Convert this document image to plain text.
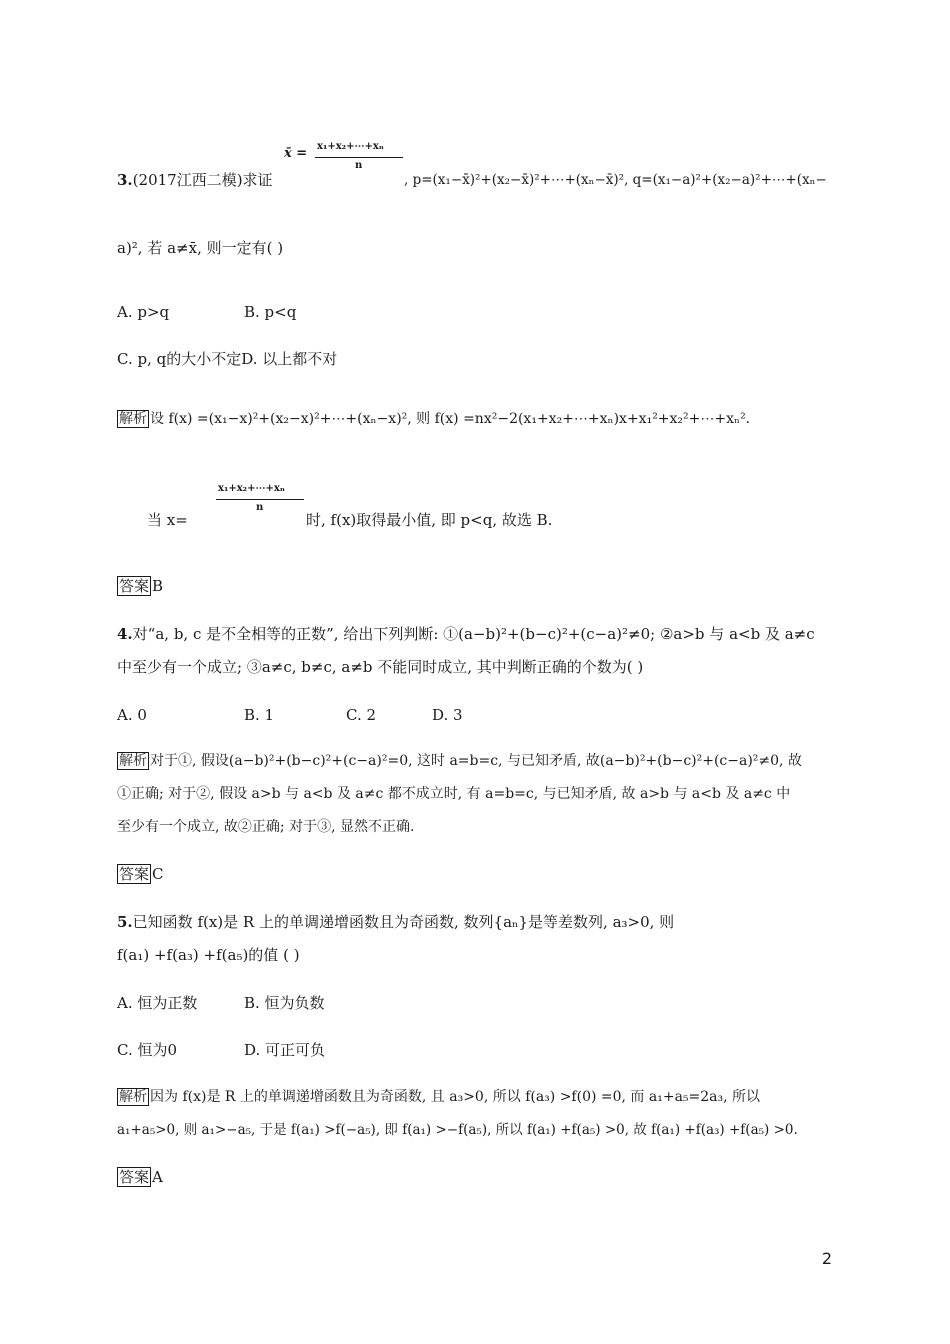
x̄ = x₁+x₂+⋯+xₙ
n
3.(2017江西二模)求证	, p=(x₁−x̄)²+(x₂−x̄)²+⋯+(xₙ−x̄)², q=(x₁−a)²+(x₂−a)²+⋯+(xₙ−
a)², 若 a≠x̄, 则一定有( )
A. p>q	B. p<q
C. p, q的大小不定D. 以上都不对
解析 设 f(x) =(x₁−x)²+(x₂−x)²+⋯+(xₙ−x)², 则 f(x) =nx²−2(x₁+x₂+⋯+xₙ)x+x₁²+x₂²+⋯+xₙ².
x₁+x₂+⋯+xₙ
n
当 x=	时, f(x)取得最小值, 即 p<q, 故选 B.
答案 B
4.对“a, b, c 是不全相等的正数”, 给出下列判断: ①(a−b)²+(b−c)²+(c−a)²≠0; ②a>b 与 a<b 及 a≠c
中至少有一个成立; ③a≠c, b≠c, a≠b 不能同时成立, 其中判断正确的个数为( )
A. 0	B. 1	C. 2	D. 3
解析 对于①, 假设(a−b)²+(b−c)²+(c−a)²=0, 这时 a=b=c, 与已知矛盾, 故(a−b)²+(b−c)²+(c−a)²≠0, 故
①正确; 对于②, 假设 a>b 与 a<b 及 a≠c 都不成立时, 有 a=b=c, 与已知矛盾, 故 a>b 与 a<b 及 a≠c 中
至少有一个成立, 故②正确; 对于③, 显然不正确.
答案 C
5.已知函数 f(x)是 R 上的单调递增函数且为奇函数, 数列{aₙ}是等差数列, a₃>0, 则
f(a₁) +f(a₃) +f(a₅)的值 ( )
A. 恒为正数	B. 恒为负数
C. 恒为0	D. 可正可负
解析 因为 f(x)是 R 上的单调递增函数且为奇函数, 且 a₃>0, 所以 f(a₃) >f(0) =0, 而 a₁+a₅=2a₃, 所以
a₁+a₅>0, 则 a₁>−a₅, 于是 f(a₁) >f(−a₅), 即 f(a₁) >−f(a₅), 所以 f(a₁) +f(a₅) >0, 故 f(a₁) +f(a₃) +f(a₅) >0.
答案 A
2
